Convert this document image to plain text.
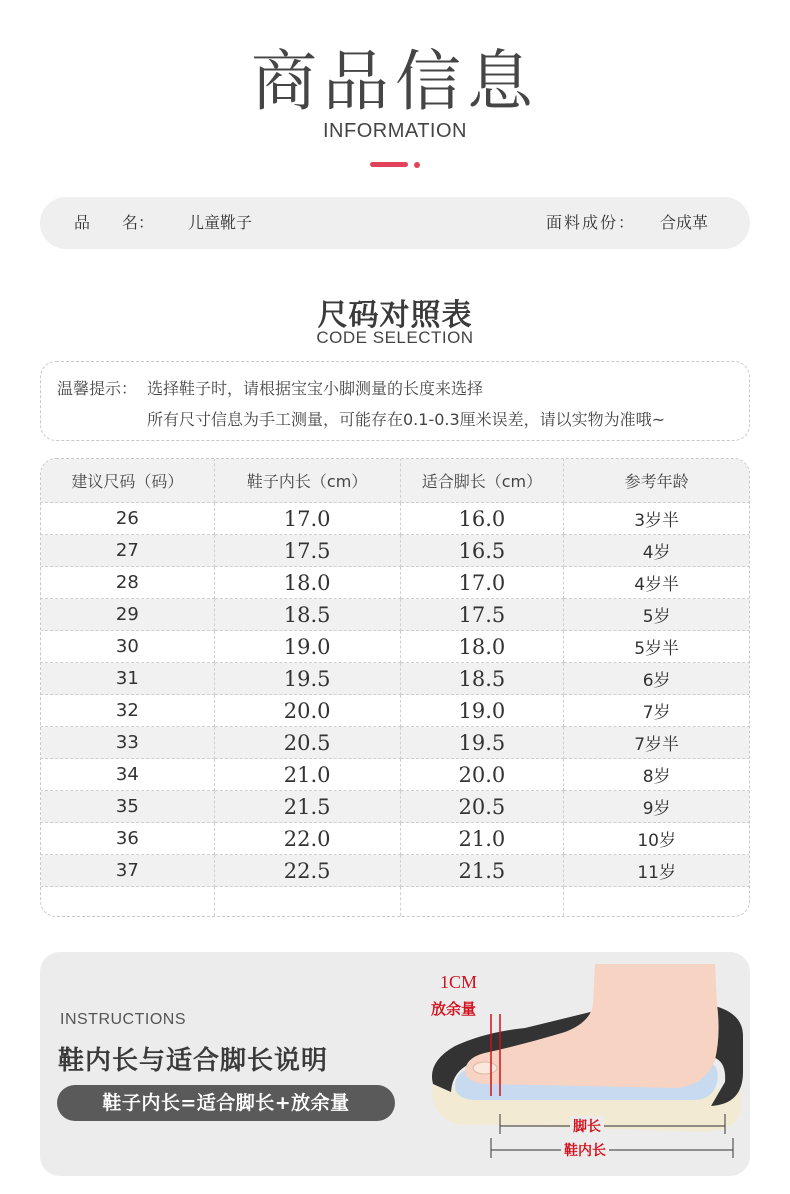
商品信息
INFORMATION
品　　名： 儿童靴子	面料成份： 合成革
尺码对照表
CODE SELECTION
温馨提示： 选择鞋子时，请根据宝宝小脚测量的长度来选择
所有尺寸信息为手工测量，可能存在0.1-0.3厘米误差，请以实物为准哦~
建议尺码（码）	鞋子内长（cm）	适合脚长（cm）	参考年龄
26	17.0	16.0	3岁半
27	17.5	16.5	4岁
28	18.0	17.0	4岁半
29	18.5	17.5	5岁
30	19.0	18.0	5岁半
31	19.5	18.5	6岁
32	20.0	19.0	7岁
33	20.5	19.5	7岁半
34	21.0	20.0	8岁
35	21.5	20.5	9岁
36	22.0	21.0	10岁
37	22.5	21.5	11岁

INSTRUCTIONS
鞋内长与适合脚长说明
鞋子内长=适合脚长+放余量
1CM
放余量
脚长
鞋内长
